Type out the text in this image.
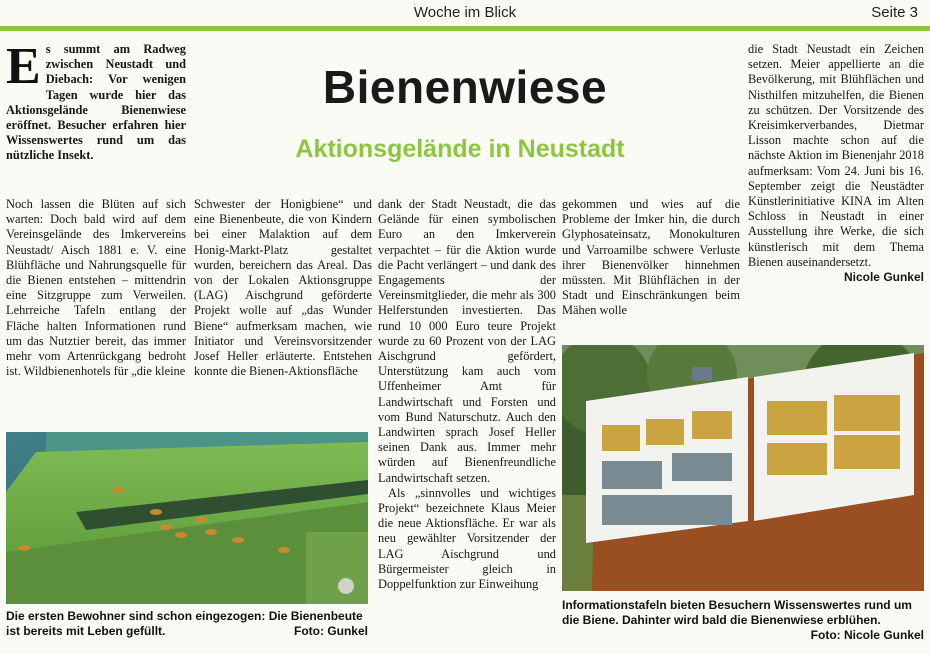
Woche im Blick	Seite 3
Bienenwiese
Aktionsgelände in Neustadt
Es summt am Radweg zwischen Neustadt und Diebach: Vor wenigen Tagen wurde hier das Aktionsgelände Bienenwiese eröffnet. Besucher erfahren hier Wissenswertes rund um das nützliche Insekt.

Noch lassen die Blüten auf sich warten: Doch bald wird auf dem Vereinsgelände des Imkervereins Neustadt/ Aisch 1881 e. V. eine Blühfläche und Nahrungsquelle für die Bienen entstehen – mittendrin eine Sitzgruppe zum Verweilen. Lehrreiche Tafeln entlang der Fläche halten Informationen rund um das Nutztier bereit, das immer mehr vom Artenrückgang bedroht ist. Wildbienenhotels für „die kleine

Schwester der Honigbiene“ und eine Bienenbeute, die von Kindern bei einer Malaktion auf dem Honig-Markt-Platz gestaltet wurden, bereichern das Areal. Das von der Lokalen Aktionsgruppe (LAG) Aischgrund geförderte Projekt wolle auf „das Wunder Biene“ aufmerksam machen, wie Initiator und Vereinsvorsitzender Josef Heller erläuterte. Entstehen konnte die Bienen-Aktionsfläche

dank der Stadt Neustadt, die das Gelände für einen symbolischen Euro an den Imkerverein verpachtet – für die Aktion wurde die Pacht verlängert – und dank des Engagements der Vereinsmitglieder, die mehr als 300 Helferstunden investierten. Das rund 10 000 Euro teure Projekt wurde zu 60 Prozent von der LAG Aischgrund gefördert, Unterstützung kam auch vom Uffenheimer Amt für Landwirtschaft und Forsten und vom Bund Naturschutz. Auch den Landwirten sprach Josef Heller seinen Dank aus. Immer mehr würden auf Bienenfreundliche Landwirtschaft setzen.

Als „sinnvolles und wichtiges Projekt“ bezeichnete Klaus Meier die neue Aktionsfläche. Er war als neu gewählter Vorsitzender der LAG Aischgrund und Bürgermeister gleich in Doppelfunktion zur Einweihung

gekommen und wies auf die Probleme der Imker hin, die durch Glyphosateinsatz, Monokulturen und Varroamilbe schwere Verluste ihrer Bienenvölker hinnehmen müssten. Mit Blühflächen in der Stadt und Einschränkungen beim Mähen wolle

die Stadt Neustadt ein Zeichen setzen. Meier appellierte an die Bevölkerung, mit Blühflächen und Nisthilfen mitzuhelfen, die Bienen zu schützen. Der Vorsitzende des Kreisimkerverbandes, Dietmar Lisson machte schon auf die nächste Aktion im Bienenjahr 2018 aufmerksam: Vom 24. Juni bis 16. September zeigt die Neustädter Künstlerinitiative KINA im Alten Schloss in Neustadt in einer Ausstellung ihre Werke, die sich künstlerisch mit dem Thema Bienen auseinandersetzt.

Nicole Gunkel

Die ersten Bewohner sind schon eingezogen: Die Bienenbeute ist bereits mit Leben gefüllt.	Foto: Gunkel
Informationstafeln bieten Besuchern Wissenswertes rund um die Biene. Dahinter wird bald die Bienenwiese erblühen.
Foto: Nicole Gunkel
